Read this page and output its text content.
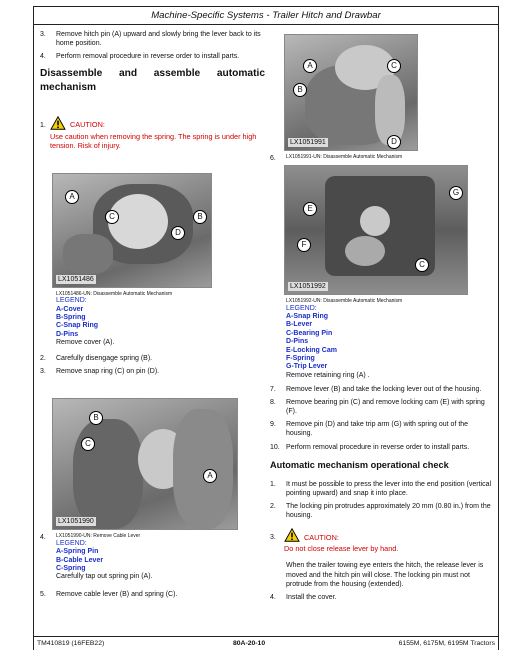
Machine-Specific Systems - Trailer Hitch and Drawbar
3.	Remove hitch pin (A) upward and slowly bring the lever back to its home position.
4.	Perform removal procedure in reverse order to install parts.
Disassemble and assemble automatic
mechanism
1.	CAUTION:
Use caution when removing the spring. The spring is under high tension. Risk of injury.
A
C	B
D
LX1051486
LX1051486-UN: Disassemble Automatic Mechanism
LEGEND:
A-Cover
B-Spring
C-Snap Ring
D-Pins
Remove cover (A).
2.	Carefully disengage spring (B).
3.	Remove snap ring (C) on pin (D).
B
C
A
LX1051990
4.	LX1051990-UN: Remove Cable Lever
LEGEND:
A-Spring Pin
B-Cable Lever
C-Spring
Carefully tap out spring pin (A).
5.	Remove cable lever (B) and spring (C).
A	C
B
D
LX1051991
6.	LX1051991-UN: Disassemble Automatic Mechanism
E
G
F
C
LX1051992
LX1051992-UN: Disassemble Automatic Mechanism
LEGEND:
A-Snap Ring
B-Lever
C-Bearing Pin
D-Pins
E-Locking Cam
F-Spring
G-Trip Lever
Remove retaining ring (A) .
7.	Remove lever (B) and take the locking lever out of the housing.
8.	Remove bearing pin (C) and remove locking cam (E) with spring (F).
9.	Remove pin (D) and take trip arm (G) with spring out of the housing.
10. Perform removal procedure in reverse order to install parts.
Automatic mechanism operational check
1.	It must be possible to press the lever into the end position (vertical pointing upward) and snap it into place.
2.	The locking pin protrudes approximately 20 mm (0.80 in.) from the housing.
3.	CAUTION:
Do not close release lever by hand.
When the trailer towing eye enters the hitch, the release lever is moved and the hitch pin will close. The locking pin must not protrude from the housing (extended).
4.	Install the cover.
TM410819 (16FEB22)	80A-20-10	6155M, 6175M, 6195M Tractors
